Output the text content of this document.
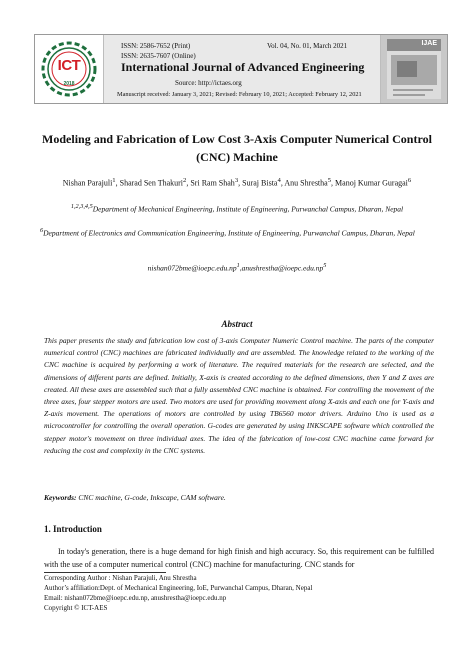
ICT
2018
ISSN: 2586-7652 (Print)
ISSN: 2635-7607 (Online)
Vol. 04, No. 01, March 2021
International Journal of Advanced Engineering
Source: http://ictaes.org
Manuscript received: January 3, 2021; Revised: February 10, 2021; Accepted: February 12, 2021
IJAE
Modeling and Fabrication of Low Cost 3-Axis Computer Numerical Control (CNC) Machine
Nishan Parajuli$^1$, Sharad Sen Thakuri$^2$, Sri Ram Shah$^3$, Suraj Bista$^4$, Anu Shrestha$^5$, Manoj Kumar Guragai$^6$
$^{1,2,3,4,5}$Department of Mechanical Engineering, Institute of Engineering, Purwanchal Campus, Dharan, Nepal
$^6$Department of Electronics and Communication Engineering, Institute of Engineering, Purwanchal Campus, Dharan, Nepal
$nishan072bme@ioepc.edu.np^1,anushrestha@ioepc.edu.np^5$
Abstract
This paper presents the study and fabrication low cost of 3-axis Computer Numeric Control machine. The parts of the computer numerical control (CNC) machines are fabricated individually and are assembled. The knowledge related to the working of the CNC machine is acquired by performing a work of literature. The required materials for the research are selected, and the dimensions of different parts are defined. Initially, X-axis is created according to the defined dimensions, then Y and Z axes are created. All these axes are assembled such that a fully assembled CNC machine is obtained. For controlling the movement of the three axes, four stepper motors are used. Two motors are used for providing movement along X-axis and each one for Y-axis and Z-axis movement. The operations of motors are controlled by using TB6560 motor drivers. Arduino Uno is used as a microcontroller for controlling the overall operation. G-codes are generated by using INKSCAPE software which controlled the stepper motor's movement on three individual axes. The idea of the fabrication of low-cost CNC machine came forward for reducing the cost and complexity in the CNC systems.
Keywords: CNC machine, G-code, Inkscape, CAM software.
1. Introduction
In today's generation, there is a huge demand for high finish and high accuracy. So, this requirement can be fulfilled with the use of a computer numerical control (CNC) machine for manufacturing. CNC stands for
Corresponding Author : Nishan Parajuli, Anu Shrestha
Author’s affiliation:Dept. of Mechanical Engineering, IoE, Purwanchal Campus, Dharan, Nepal
Email: nishan072bme@ioepc.edu.np, anushrestha@ioepc.edu.np
Copyright © ICT-AES
